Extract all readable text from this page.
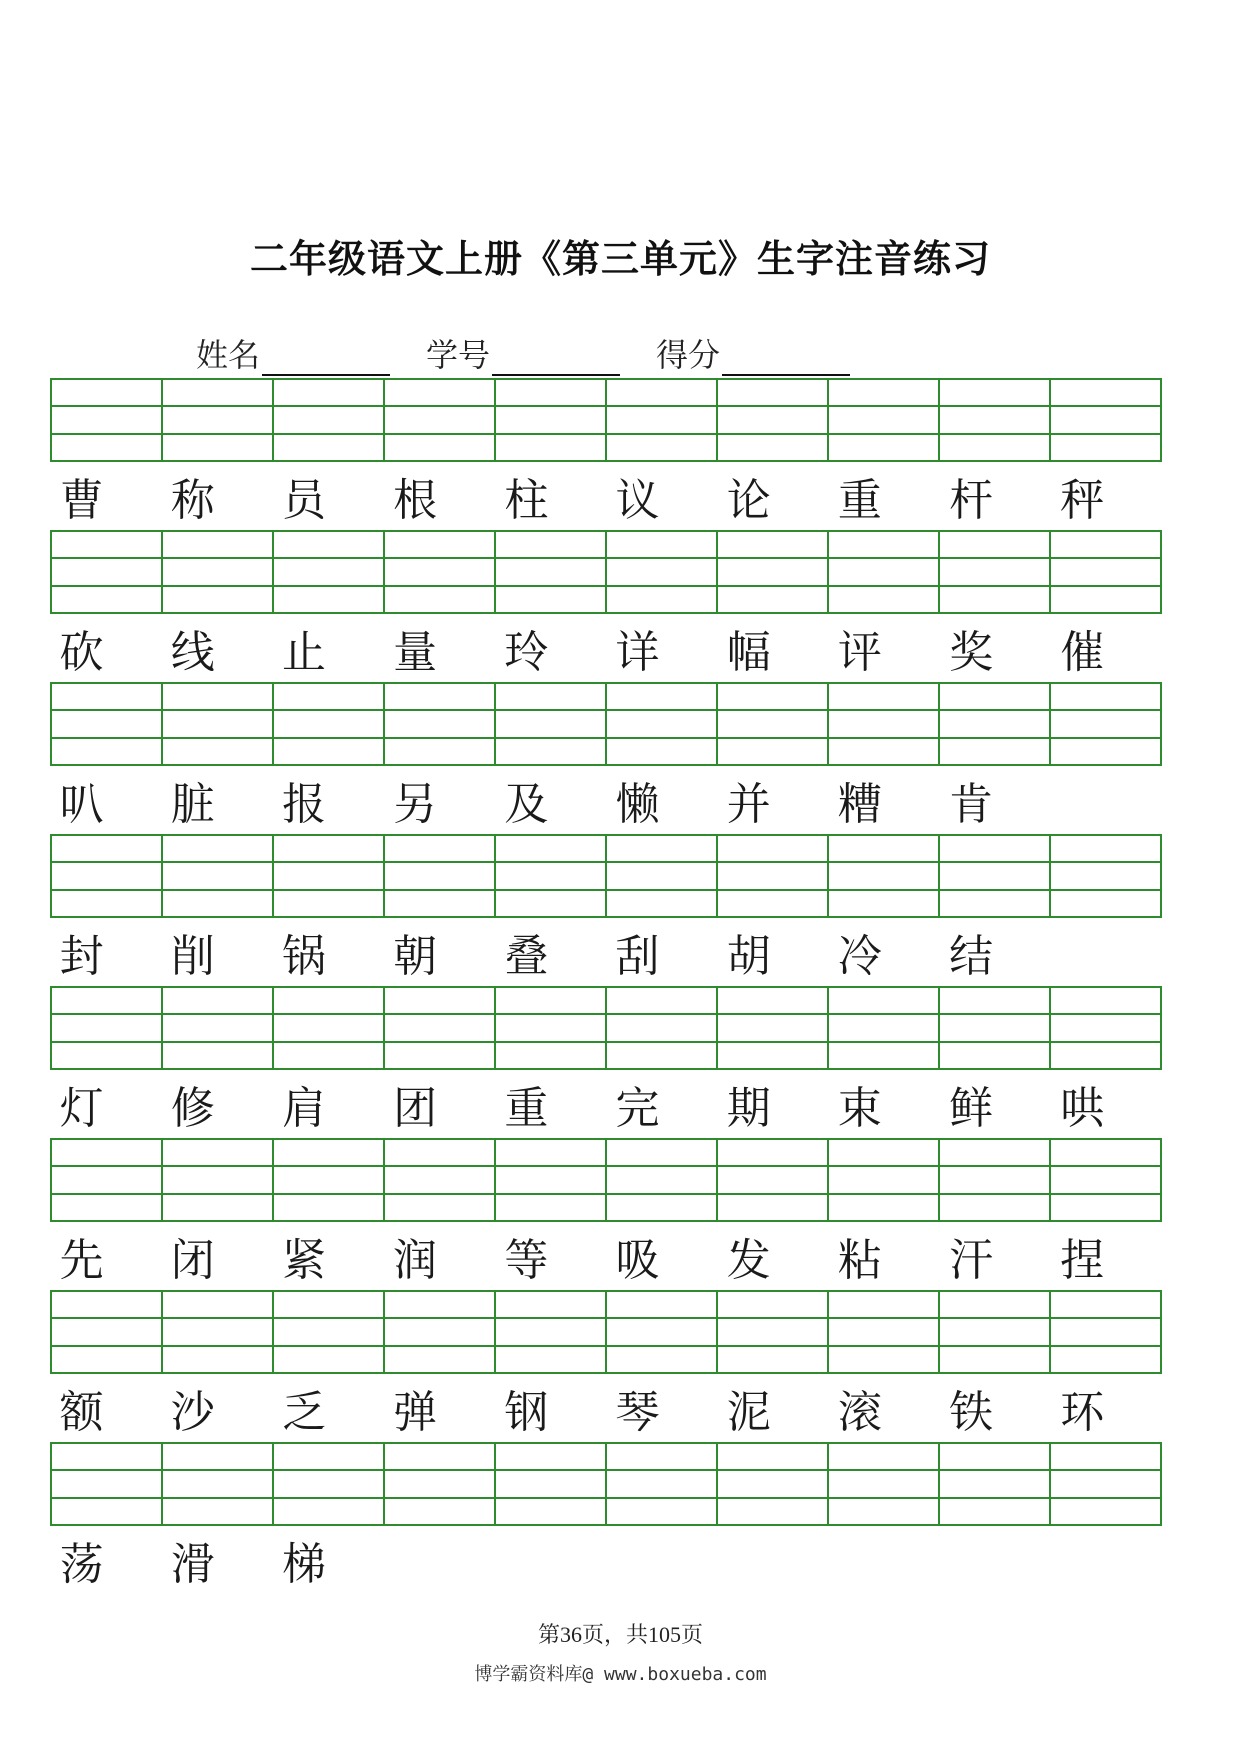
二年级语文上册《第三单元》生字注音练习
姓名	学号	得分
曹	称	员	根	柱	议	论	重	杆	秤
砍	线	止	量	玲	详	幅	评	奖	催
叭	脏	报	另	及	懒	并	糟	肯
封	削	锅	朝	叠	刮	胡	冷	结
灯	修	肩	团	重	完	期	束	鲜	哄
先	闭	紧	润	等	吸	发	粘	汗	捏
额	沙	乏	弹	钢	琴	泥	滚	铁	环
荡	滑	梯
第36页，共105页
博学霸资料库@ www.boxueba.com
